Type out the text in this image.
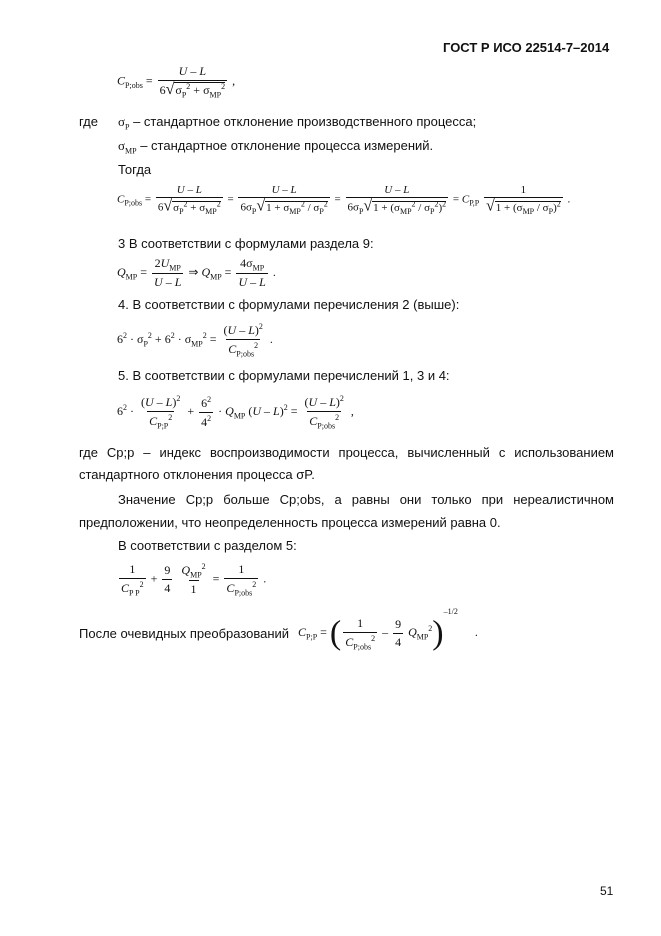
ГОСТ Р ИСО 22514-7–2014
$C_{P;obs}$ =
U – L
$6√\sigma_P^2 + \sigma_{MP}^2$ ,
где $\sigma_P$ – стандартное отклонение производственного процесса;
$\sigma_{MP}$ – стандартное отклонение процесса измерений.
Тогда
$C_{P;obs}$ =
U – L
$6√\sigma_P^2 + \sigma_{MP}^2$ =
U – L
$6\sigma_P√1 + \sigma_{MP}^2 / \sigma_P^2$ =
U – L
$6\sigma_P√1 + (\sigma_{MP}^2 / \sigma_P^2)^2 = C_{P,P}$
1
$√1 + (\sigma_{MP} / \sigma_P)^2$ .
3 В соответствии с формулами раздела 9:
$Q_{MP}$ =
$2U_{MP}$
U – L
⇒ $Q_{MP}$ =
$4\sigma_{MP}$
U – L
.
4. В соответствии с формулами перечисления 2 (выше):
$6^2 \cdot \sigma_P^2 + 6^2 \cdot \sigma_{MP}^2$ =
(U – L)$^2$
$C_{P;obs}^2$ .
5. В соответствии с формулами перечислений 1, 3 и 4:
$6^2 \cdot \frac{(U - L)^2}{C_{P;P}^2} + \frac{6^2}{4^2} \cdot Q_{MP}$ (U – L)$^2$ =
(U – L)$^2$
$C_{P;obs}^2$ ,
где Cp;p – индекс воспроизводимости процесса, вычисленный с использованием
стандартного отклонения процесса σP.
Значение Cp;p больше Cp;obs, а равны они только при нереалистичном
предположении, что неопределенность процесса измерений равна 0.
В соответствии с разделом 5:
$\frac{1}{C_{P P}^2} + \frac{9}{4}$
$Q_{MP}^2$
1
=
1
$C_{P;obs}^2$ .
После очевидных преобразований $C_{P;P}$ = ( 1
$C_{P;obs}^2 - \frac{9}{4} Q_{MP}^2)^{-1/2}$ .
51
